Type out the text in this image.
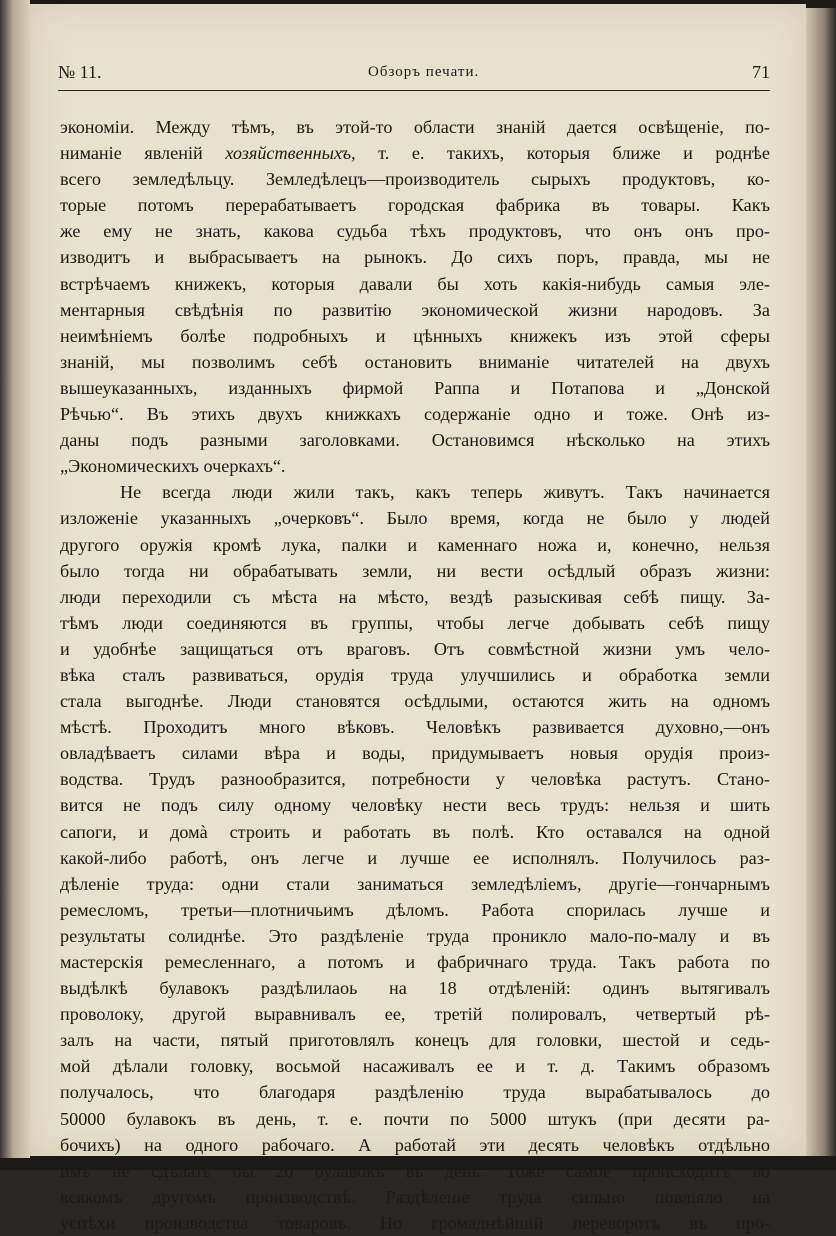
№ 11.	Обзоръ печати.	71
экономіи. Между тѣмъ, въ этой-то области знаній дается освѣщеніе, по-
ниманіе явленій хозяйственныхъ, т. е. такихъ, которыя ближе и роднѣе
всего земледѣльцу. Земледѣлецъ—производитель сырыхъ продуктовъ, ко-
торые потомъ перерабатываетъ городская фабрика въ товары. Какъ
же ему не знать, какова судьба тѣхъ продуктовъ, что онъ онъ про-
изводитъ и выбрасываетъ на рынокъ. До сихъ поръ, правда, мы не
встрѣчаемъ книжекъ, которыя давали бы хоть какія-нибудь самыя эле-
ментарныя свѣдѣнія по развитію экономической жизни народовъ. За
неимѣніемъ болѣе подробныхъ и цѣнныхъ книжекъ изъ этой сферы
знаній, мы позволимъ себѣ остановить вниманіе читателей на двухъ
вышеуказанныхъ, изданныхъ фирмой Раппа и Потапова и „Донской
Рѣчью“. Въ этихъ двухъ книжкахъ содержаніе одно и тоже. Онѣ из-
даны подъ разными заголовками. Остановимся нѣсколько на этихъ
„Экономическихъ очеркахъ“.
Не всегда люди жили такъ, какъ теперь живутъ. Такъ начинается
изложеніе указанныхъ „очерковъ“. Было время, когда не было у людей
другого оружія кромѣ лука, палки и каменнаго ножа и, конечно, нельзя
было тогда ни обрабатывать земли, ни вести осѣдлый образъ жизни:
люди переходили съ мѣста на мѣсто, вездѣ разыскивая себѣ пищу. За-
тѣмъ люди соединяются въ группы, чтобы легче добывать себѣ пищу
и удобнѣе защищаться отъ враговъ. Отъ совмѣстной жизни умъ чело-
вѣка сталъ развиваться, орудія труда улучшились и обработка земли
стала выгоднѣе. Люди становятся осѣдлыми, остаются жить на одномъ
мѣстѣ. Проходитъ много вѣковъ. Человѣкъ развивается духовно,—онъ
овладѣваетъ силами вѣра и воды, придумываетъ новыя орудія произ-
водства. Трудъ разнообразится, потребности у человѣка растутъ. Стано-
вится не подъ силу одному человѣку нести весь трудъ: нельзя и шить
сапоги, и домà строить и работать въ полѣ. Кто оставался на одной
какой-либо работѣ, онъ легче и лучше ее исполнялъ. Получилось раз-
дѣленіе труда: одни стали заниматься земледѣліемъ, другіе—гончарнымъ
ремесломъ, третьи—плотничьимъ дѣломъ. Работа спорилась лучше и
результаты солиднѣе. Это раздѣленіе труда проникло мало-по-малу и въ
мастерскія ремесленнаго, а потомъ и фабричнаго труда. Такъ работа по
выдѣлкѣ булавокъ раздѣлилаоь на 18 отдѣленій: одинъ вытягивалъ
проволоку, другой выравнивалъ ее, третій полировалъ, четвертый рѣ-
залъ на части, пятый приготовлялъ конецъ для головки, шестой и седь-
мой дѣлали головку, восьмой насаживалъ ее и т. д. Такимъ образомъ
получалось, что благодаря раздѣленію труда вырабатывалось до
50000 булавокъ въ день, т. е. почти по 5000 штукъ (при десяти ра-
бочихъ) на одного рабочаго. А работай эти десять человѣкъ отдѣльно
имъ не сдѣлать бы 20 булавокъ въ день. Тоже самое происходитъ во
всякомъ другомъ производствѣ. Раздѣленіе труда сильно повліяло на
успѣхи производства товаровъ. Но громаднѣйшій переворотъ въ про-
